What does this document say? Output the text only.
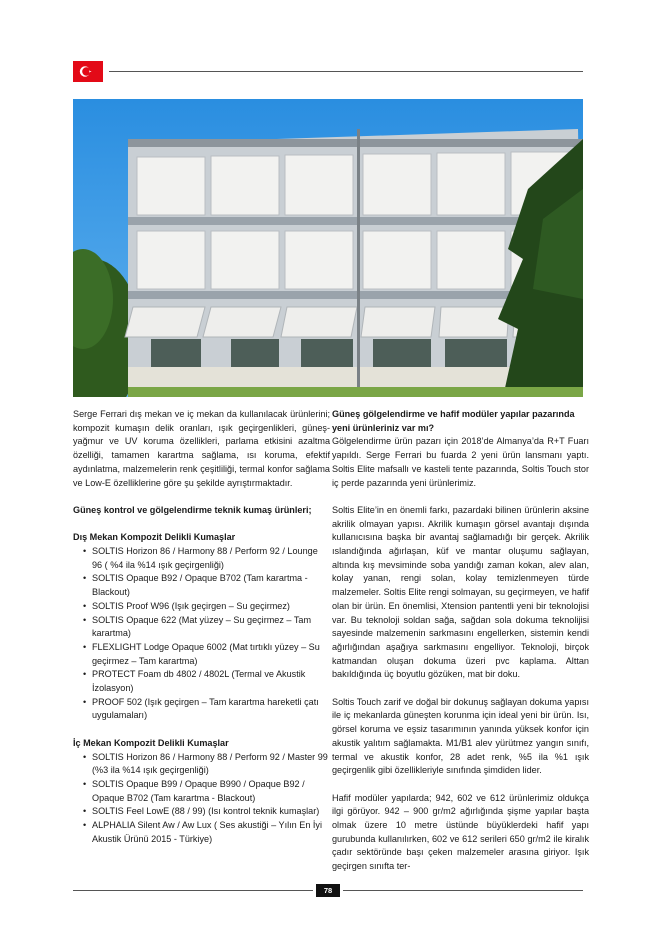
Serge Ferrari dış mekan ve iç mekan da kullanılacak ürünlerini; kompozit kumaşın delik oranları, ışık geçirgenlikleri, güneş-yağmur ve UV koruma özellikleri, parlama etkisini azaltma özelliği, tamamen karartma sağlama, ısı koruma, efektif aydınlatma, malzemelerin renk çeşitliliği, termal konfor sağlama ve Low-E özelliklerine göre şu şekilde ayrıştırmaktadır.

Güneş kontrol ve gölgelendirme teknik kumaş ürünleri;
Dış Mekan Kompozit Delikli Kumaşlar
• SOLTIS Horizon 86 / Harmony 88 / Perform 92 / Lounge 96 ( %4 ila %14 ışık geçirgenliği)
• SOLTIS Opaque B92 / Opaque B702 (Tam karartma - Blackout)
• SOLTIS Proof W96 (Işık geçirgen – Su geçirmez)
• SOLTIS Opaque 622 (Mat yüzey – Su geçirmez – Tam karartma)
• FLEXLIGHT Lodge Opaque 6002 (Mat tırtıklı yüzey – Su geçirmez – Tam karartma)
• PROTECT Foam db 4802 / 4802L (Termal ve Akustik İzolasyon)
• PROOF 502 (Işık geçirgen – Tam karartma hareketli çatı uygulamaları)
İç Mekan Kompozit Delikli Kumaşlar
• SOLTIS Horizon 86 / Harmony 88 / Perform 92 / Master 99 (%3 ila %14 ışık geçirgenliği)
• SOLTIS Opaque B99 / Opaque B990 / Opaque B92 / Opaque B702 (Tam karartma - Blackout)
• SOLTIS Feel LowE (88 / 99) (Isı kontrol teknik kumaşlar)
• ALPHALIA Silent Aw / Aw Lux ( Ses akustiği – Yılın En İyi Akustik Ürünü 2015 - Türkiye)
Güneş gölgelendirme ve hafif modüler yapılar pazarında yeni ürünleriniz var mı?

Gölgelendirme ürün pazarı için 2018’de Almanya’da R+T Fuarı yapıldı. Serge Ferrari bu fuarda 2 yeni ürün lansmanı yaptı. Soltis Elite mafsallı ve kasteli tente pazarında, Soltis Touch stor iç perde pazarında yeni ürünlerimiz.

Soltis Elite’in en önemli farkı, pazardaki bilinen ürünlerin aksine akrilik olmayan yapısı. Akrilik kumaşın görsel avantajı dışında kullanıcısına başka bir avantaj sağlamadığı bir gerçek. Akrilik ıslandığında ağırlaşan, küf ve mantar oluşumu sağlayan, altında kış mevsiminde soba yandığı zaman kokan, alev alan, kolay yanan, rengi solan, kolay temizlenmeyen türde malzemeler. Soltis Elite rengi solmayan, su geçirmeyen, ve hafif olan bir ürün. En önemlisi, Xtension pantentli yeni bir teknolojisi var. Bu teknoloji soldan sağa, sağdan sola dokuma teknolijisi sayesinde malzemenin sarkmasını engellerken, sistemin kendi ağırlığından aşağıya sarkmasını engelliyor. Teknoloji, birçok katmandan oluşan dokuma üzeri pvc kaplama. Alttan bakıldığında üç boyutlu gözüken, mat bir doku.

Soltis Touch zarif ve doğal bir dokunuş sağlayan dokuma yapısı ile iç mekanlarda güneşten korunma için ideal yeni bir ürün. Isı, görsel koruma ve eşsiz tasarımının yanında yüksek konfor için akustik yalıtım sağlamakta. M1/B1 alev yürütmez yangın sınıfı, termal ve akustik konfor, 28 adet renk, %5 ila %1 ışık geçirgenlik gibi özellikleriyle sınıfında şimdiden lider.

Hafif modüler yapılarda; 942, 602 ve 612 ürünlerimiz oldukça ilgi görüyor. 942 – 900 gr/m2 ağırlığında şişme yapılar başta olmak üzere 10 metre üstünde büyüklerdeki hafif yapı gurubunda kullanılırken, 602 ve 612 serileri 650 gr/m2 ile kiralık çadır sektöründe başı çeken malzemeler arasına giriyor. Işık geçirgen sınıfta ter-

78
